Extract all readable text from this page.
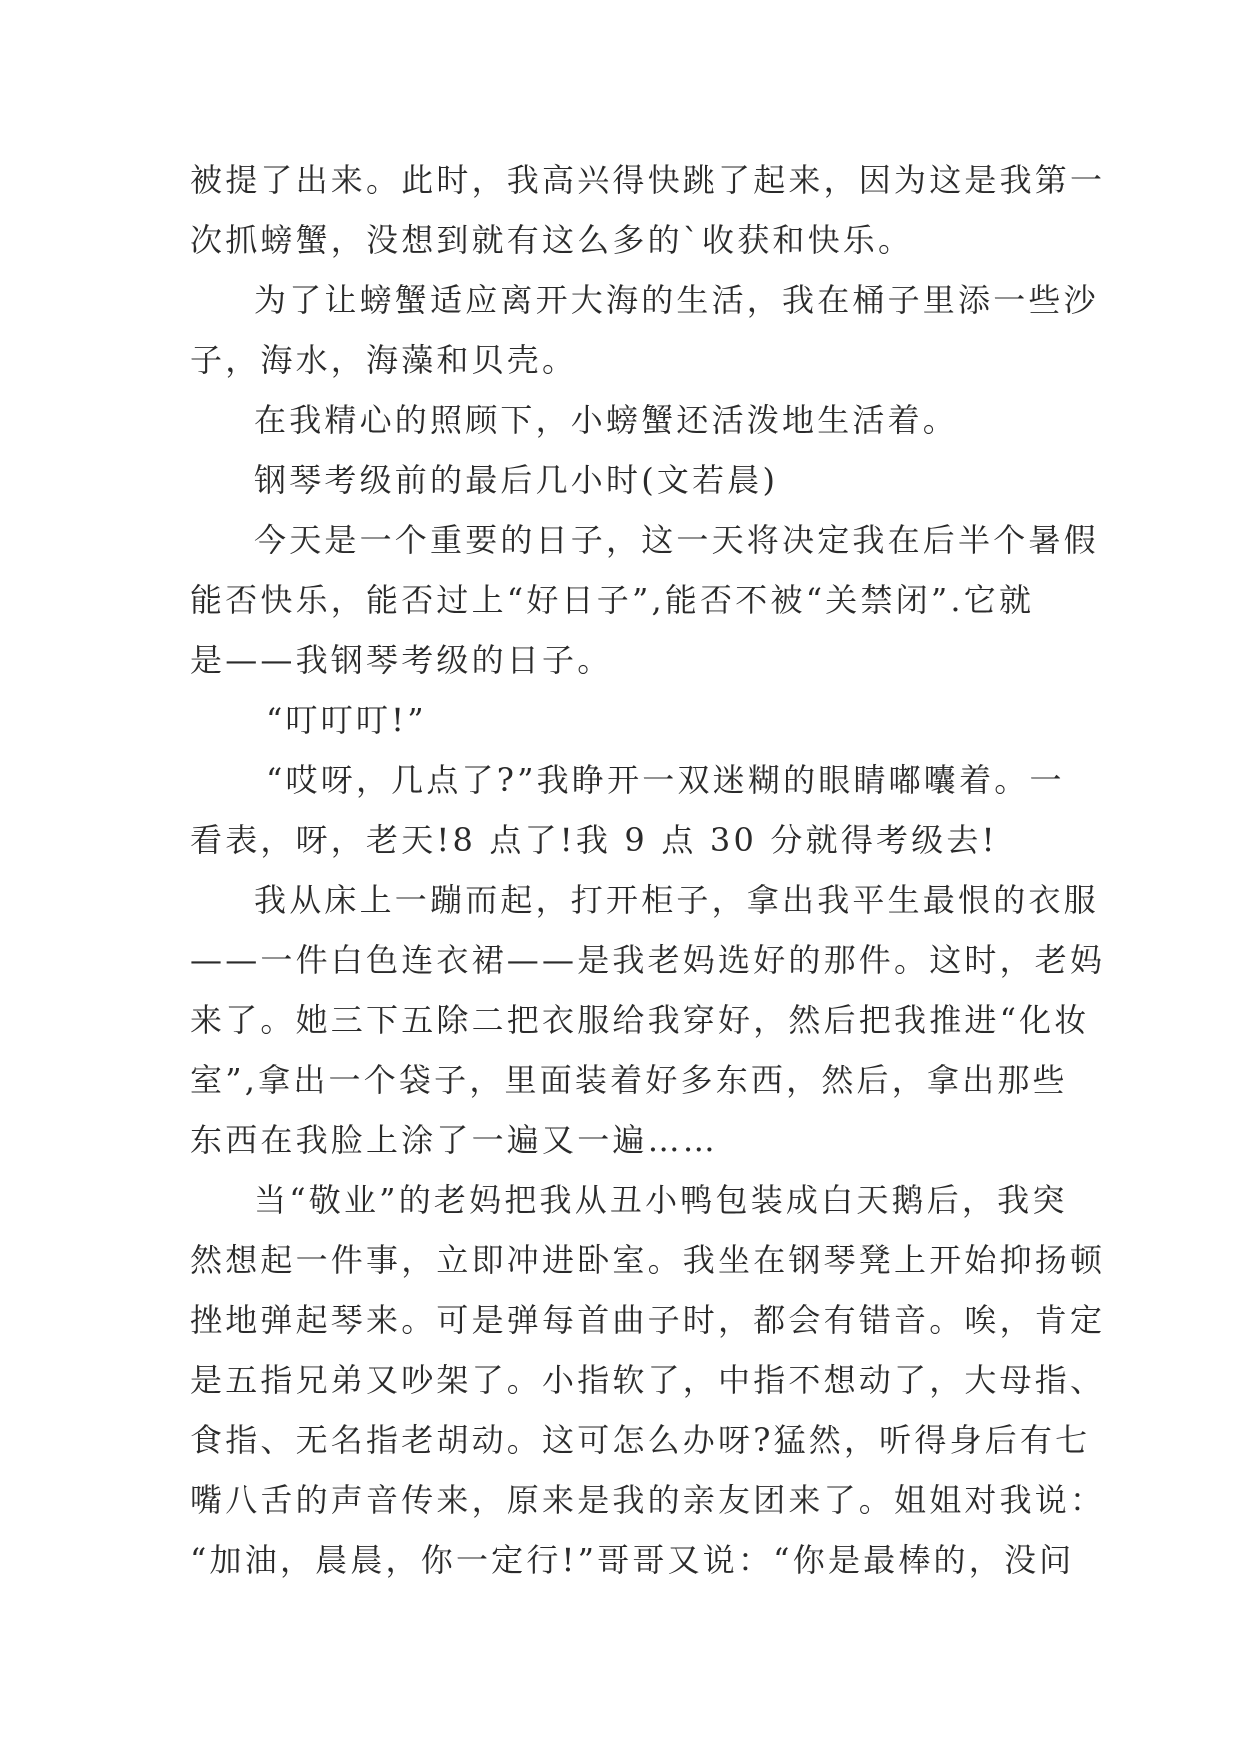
被提了出来。此时，我高兴得快跳了起来，因为这是我第一
次抓螃蟹，没想到就有这么多的`收获和快乐。
为了让螃蟹适应离开大海的生活，我在桶子里添一些沙
子，海水，海藻和贝壳。
在我精心的照顾下，小螃蟹还活泼地生活着。
钢琴考级前的最后几小时(文若晨)
今天是一个重要的日子，这一天将决定我在后半个暑假
能否快乐，能否过上“好日子”,能否不被“关禁闭”.它就
是——我钢琴考级的日子。
“叮叮叮!”
“哎呀，几点了?”我睁开一双迷糊的眼睛嘟囔着。一
看表，呀，老天!8 点了!我 9 点 30 分就得考级去!
我从床上一蹦而起，打开柜子，拿出我平生最恨的衣服
——一件白色连衣裙——是我老妈选好的那件。这时，老妈
来了。她三下五除二把衣服给我穿好，然后把我推进“化妆
室”,拿出一个袋子，里面装着好多东西，然后，拿出那些
东西在我脸上涂了一遍又一遍……
当“敬业”的老妈把我从丑小鸭包装成白天鹅后，我突
然想起一件事，立即冲进卧室。我坐在钢琴凳上开始抑扬顿
挫地弹起琴来。可是弹每首曲子时，都会有错音。唉，肯定
是五指兄弟又吵架了。小指软了，中指不想动了，大母指、
食指、无名指老胡动。这可怎么办呀?猛然，听得身后有七
嘴八舌的声音传来，原来是我的亲友团来了。姐姐对我说：
“加油，晨晨，你一定行!”哥哥又说：“你是最棒的，没问
